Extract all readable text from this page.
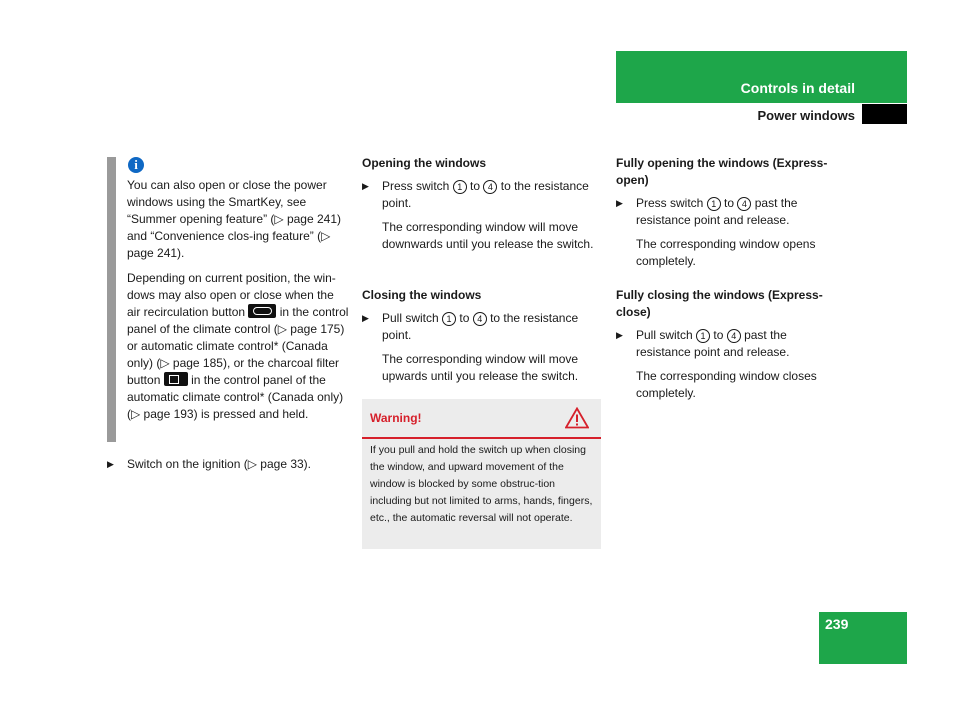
Controls in detail
Power windows
i

You can also open or close the power windows using the SmartKey, see “Summer opening feature” (▷ page 241) and “Convenience clos-ing feature” (▷ page 241).

Depending on current position, the win-dows may also open or close when the air recirculation button	in the control panel of the climate control (▷ page 175) or automatic climate control* (Canada only) (▷ page 185), or the charcoal filter button	in the control panel of the automatic climate control* (Canada only) (▷ page 193) is pressed and held.

▶ Switch on the ignition (▷ page 33).

Opening the windows

▶ Press switch 1 to 4 to the resistance point.

The corresponding window will move downwards until you release the switch.

Closing the windows

▶ Pull switch 1 to 4 to the resistance point.

The corresponding window will move upwards until you release the switch.

Warning!
If you pull and hold the switch up when closing the window, and upward movement of the window is blocked by some obstruc-tion including but not limited to arms, hands, fingers, etc., the automatic reversal will not operate.

Fully opening the windows (Express-open)

▶ Press switch 1 to 4 past the resistance point and release.

The corresponding window opens completely.

Fully closing the windows (Express-close)

▶ Pull switch 1 to 4 past the resistance point and release.

The corresponding window closes completely.

239
